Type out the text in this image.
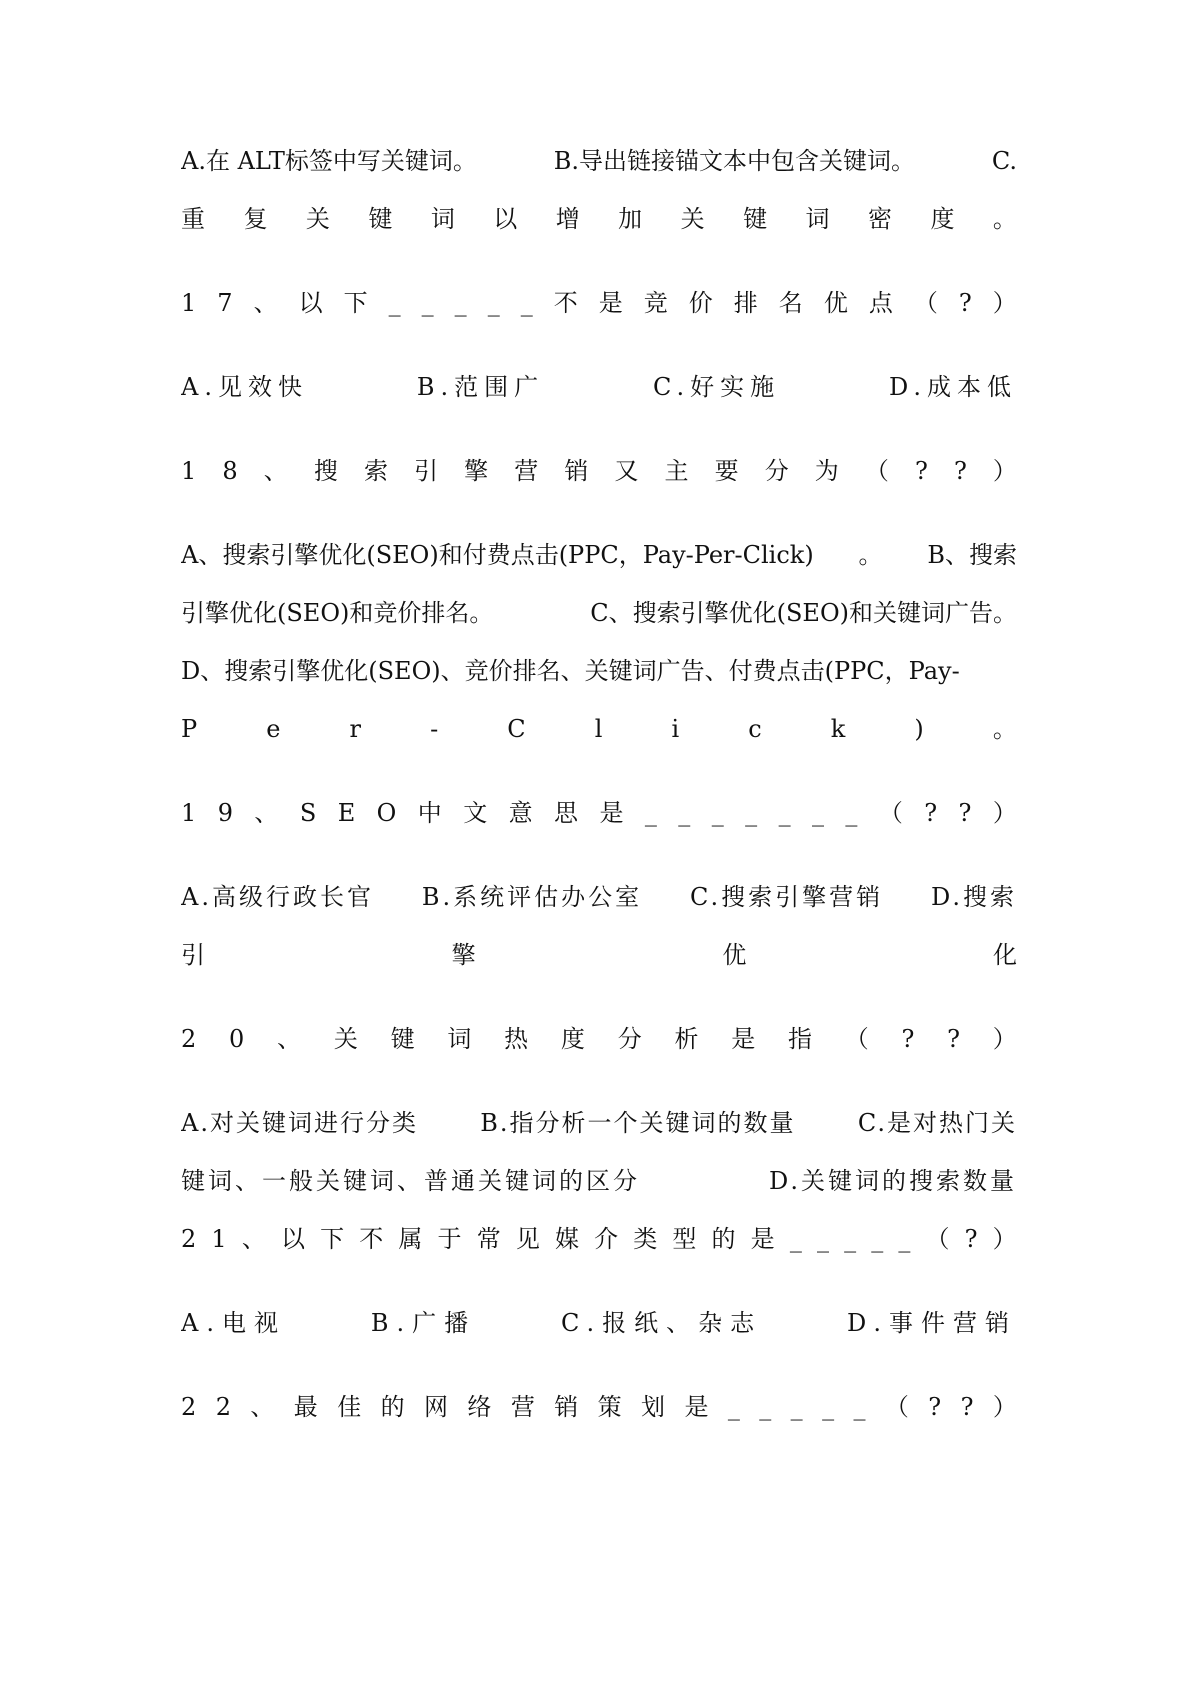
A.在 ALT标签中写关键词。	B.导出链接锚文本中包含关键词。	C.
重 复 关 键 词 以 增 加 关 键 词 密 度 。
1 7 、 以 下 _ _ _ _ _ 不 是 竞 价 排 名 优 点 （ ? ）
A.见效快	B.范围广	C.好实施	D.成本低
1 8 、 搜 索 引 擎 营 销 又 主 要 分 为 （ ? ? ）
A、搜索引擎优化(SEO)和付费点击(PPC，Pay-Per-Click) 。 B、搜索
引擎优化(SEO)和竞价排名。	C、搜索引擎优化(SEO)和关键词广告。
D、搜索引擎优化(SEO)、竞价排名、关键词广告、付费点击(PPC，Pay-
P	e	r	-	C	l	i	c	k	)	。
1 9 、 S E O 中 文 意 思 是 _ _ _ _ _ _ _ （ ? ? ）
A.高级行政长官 B.系统评估办公室 C.搜索引擎营销 D.搜索
引	擎	优	化
2 0 、 关 键 词 热 度 分 析 是 指 （ ? ? ）
A.对关键词进行分类	B.指分析一个关键词的数量	C.是对热门关
键词、一般关键词、普通关键词的区分	D.关键词的搜索数量
2 1 、 以 下 不 属 于 常 见 媒 介 类 型 的 是 _ _ _ _ _ （ ? ）
A.电视	B.广播	C.报纸、杂志	D.事件营销
2 2 、 最 佳 的 网 络 营 销 策 划 是 _ _ _ _ _ （ ? ? ）
